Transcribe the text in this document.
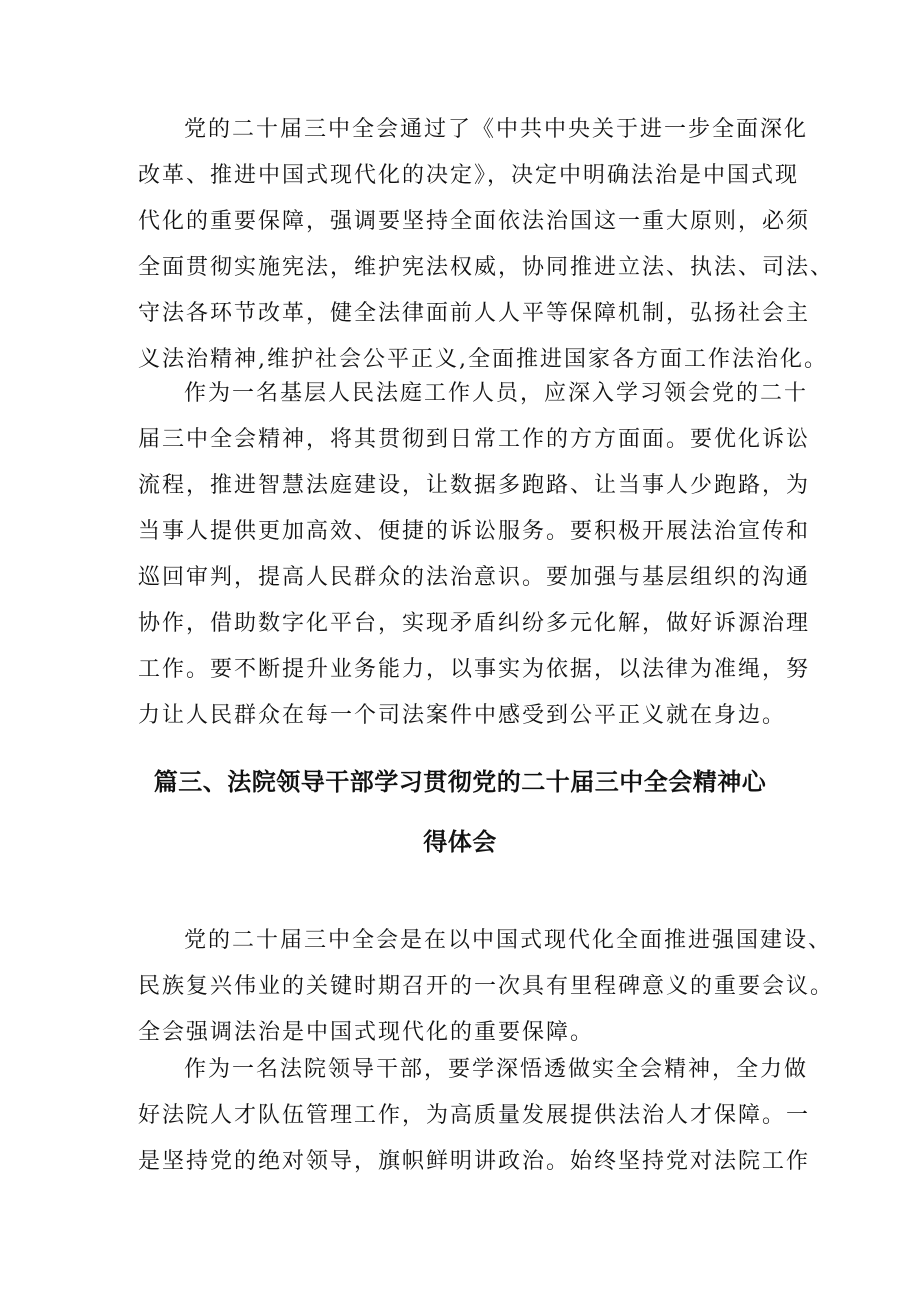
党的二十届三中全会通过了《中共中央关于进一步全面深化
改革、推进中国式现代化的决定》，决定中明确法治是中国式现
代化的重要保障，强调要坚持全面依法治国这一重大原则，必须
全面贯彻实施宪法，维护宪法权威，协同推进立法、执法、司法、
守法各环节改革，健全法律面前人人平等保障机制，弘扬社会主
义法治精神,维护社会公平正义,全面推进国家各方面工作法治化。
作为一名基层人民法庭工作人员，应深入学习领会党的二十
届三中全会精神，将其贯彻到日常工作的方方面面。要优化诉讼
流程，推进智慧法庭建设，让数据多跑路、让当事人少跑路，为
当事人提供更加高效、便捷的诉讼服务。要积极开展法治宣传和
巡回审判，提高人民群众的法治意识。要加强与基层组织的沟通
协作，借助数字化平台，实现矛盾纠纷多元化解，做好诉源治理
工作。要不断提升业务能力，以事实为依据，以法律为准绳，努
力让人民群众在每一个司法案件中感受到公平正义就在身边。
篇三、法院领导干部学习贯彻党的二十届三中全会精神心
得体会
党的二十届三中全会是在以中国式现代化全面推进强国建设、
民族复兴伟业的关键时期召开的一次具有里程碑意义的重要会议。
全会强调法治是中国式现代化的重要保障。
作为一名法院领导干部，要学深悟透做实全会精神，全力做
好法院人才队伍管理工作，为高质量发展提供法治人才保障。一
是坚持党的绝对领导，旗帜鲜明讲政治。始终坚持党对法院工作
